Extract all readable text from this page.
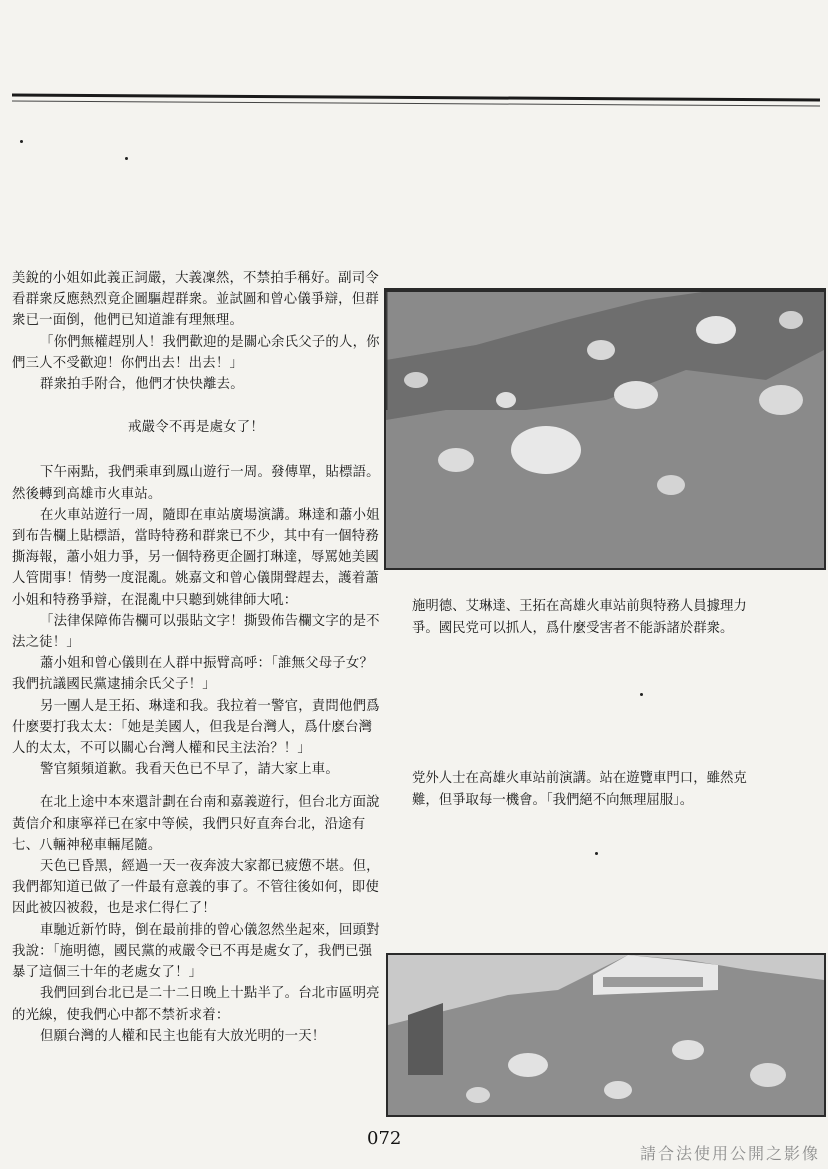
美銳的小姐如此義正詞嚴，大義凜然，不禁拍手稱好。副司令看群衆反應熱烈竟企圖驅趕群衆。並試圖和曾心儀爭辯，但群衆已一面倒，他們已知道誰有理無理。

「你們無權趕別人！我們歡迎的是關心余氏父子的人，你們三人不受歡迎！你們出去！出去！」

群衆拍手附合，他們才快快離去。

戒嚴令不再是處女了！

下午兩點，我們乘車到鳳山遊行一周。發傳單，貼標語。然後轉到高雄市火車站。

在火車站遊行一周，隨即在車站廣場演講。琳達和蕭小姐到布告欄上貼標語，當時特務和群衆已不少，其中有一個特務撕海報，蕭小姐力爭，另一個特務更企圖打琳達，辱罵她美國人管閒事！情勢一度混亂。姚嘉文和曾心儀開聲趕去，護着蕭小姐和特務爭辯，在混亂中只聽到姚律師大吼：

「法律保障佈告欄可以張貼文字！撕毀佈告欄文字的是不法之徒！」

蕭小姐和曾心儀則在人群中振臂高呼：「誰無父母子女？我們抗議國民黨逮捕余氏父子！」

另一團人是王拓、琳達和我。我拉着一警官，責問他們爲什麽要打我太太：「她是美國人，但我是台灣人，爲什麽台灣人的太太，不可以關心台灣人權和民主法治？！」

警官頻頻道歉。我看天色已不早了，請大家上車。

在北上途中本來還計劃在台南和嘉義遊行，但台北方面說黃信介和康寧祥已在家中等候，我們只好直奔台北，沿途有七、八輛神秘車輛尾隨。

天色已昏黑，經過一天一夜奔波大家都已疲憊不堪。但，我們都知道已做了一件最有意義的事了。不管往後如何，即使因此被囚被殺，也是求仁得仁了！

車馳近新竹時，倒在最前排的曾心儀忽然坐起來，回頭對我說：「施明德，國民黨的戒嚴令已不再是處女了，我們已强暴了這個三十年的老處女了！」

我們回到台北已是二十二日晚上十點半了。台北市區明亮的光線，使我們心中都不禁祈求着：

但願台灣的人權和民主也能有大放光明的一天！

施明德、艾琳達、王拓在高雄火車站前與特務人員據理力爭。國民党可以抓人，爲什麼受害者不能訴諸於群衆。

党外人士在高雄火車站前演講。站在遊覽車門口，雖然克難，但爭取每一機會。「我們絕不向無理屈服」。

072
請合法使用公開之影像
